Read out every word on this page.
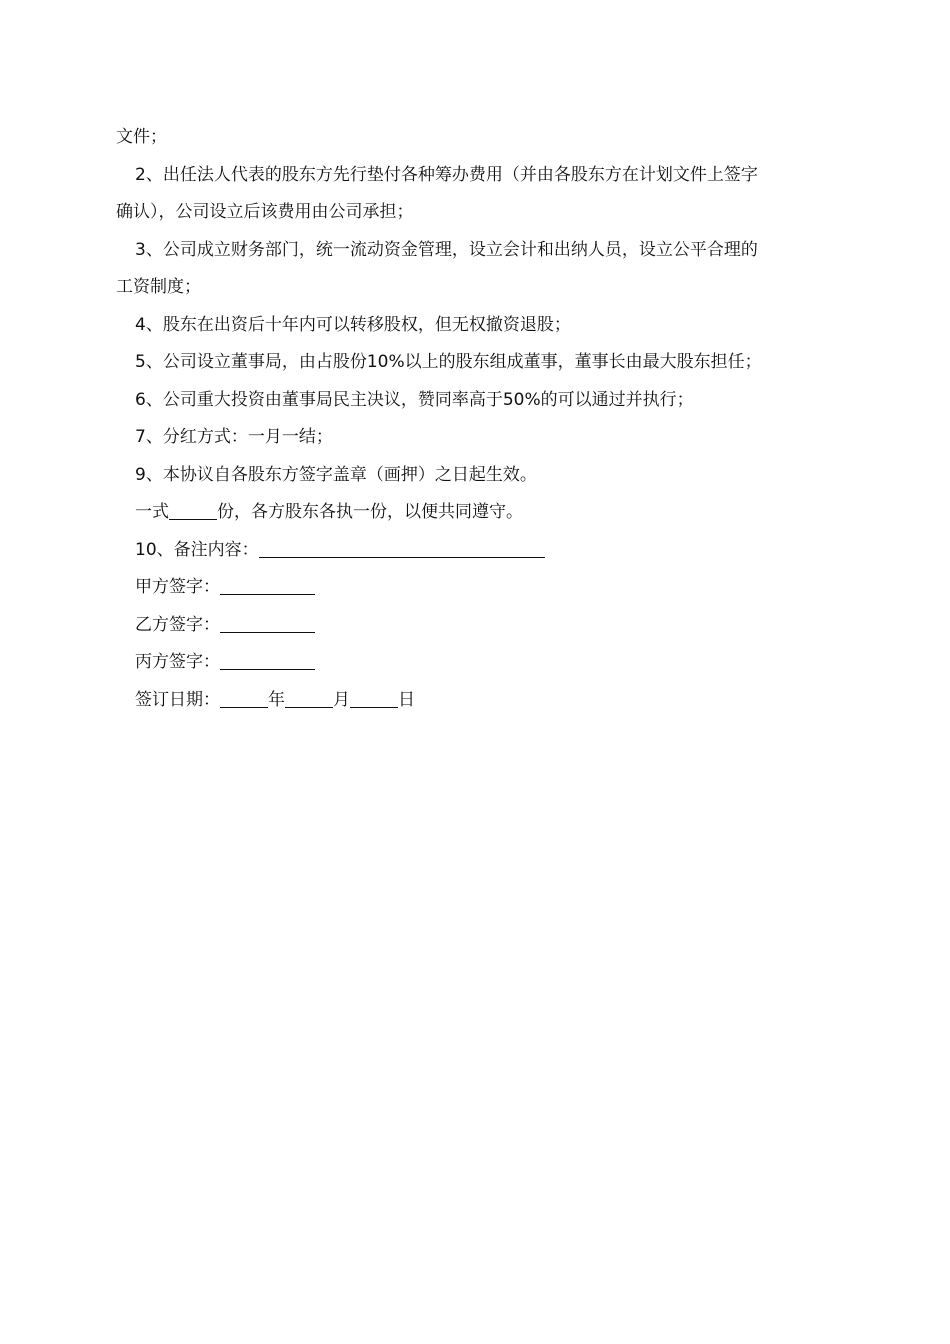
文件；
2、出任法人代表的股东方先行垫付各种筹办费用（并由各股东方在计划文件上签字
确认），公司设立后该费用由公司承担；
3、公司成立财务部门，统一流动资金管理，设立会计和出纳人员，设立公平合理的
工资制度；
4、股东在出资后十年内可以转移股权，但无权撤资退股；
5、公司设立董事局，由占股份10%以上的股东组成董事，董事长由最大股东担任；
6、公司重大投资由董事局民主决议，赞同率高于50%的可以通过并执行；
7、分红方式：一月一结；
9、本协议自各股东方签字盖章（画押）之日起生效。
一式	份，各方股东各执一份，以便共同遵守。
10、备注内容：
甲方签字：
乙方签字：
丙方签字：
签订日期：	年	月	日
